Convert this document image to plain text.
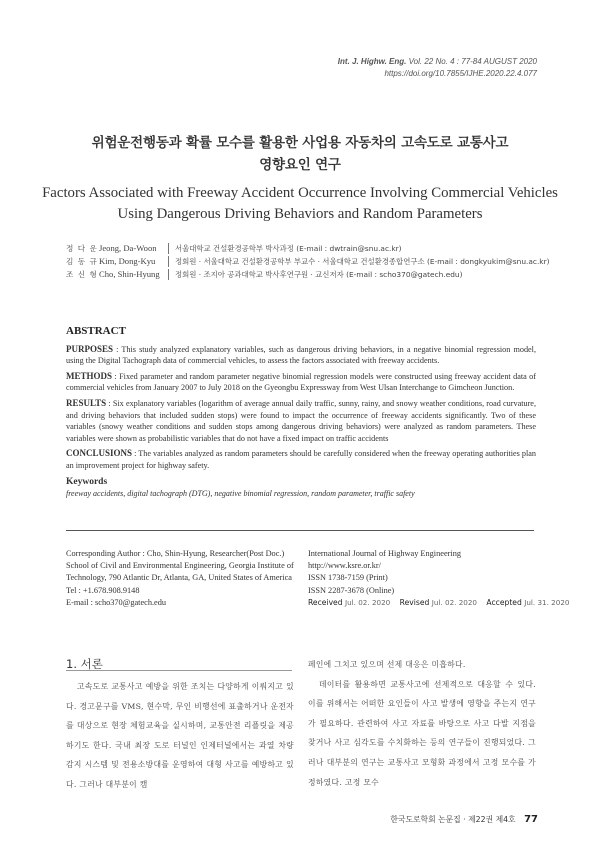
Int. J. Highw. Eng. Vol. 22 No. 4 : 77-84 AUGUST 2020
https://doi.org/10.7855/IJHE.2020.22.4.077
위험운전행동과 확률 모수를 활용한 사업용 자동차의 고속도로 교통사고
영향요인 연구
Factors Associated with Freeway Accident Occurrence Involving Commercial Vehicles
Using Dangerous Driving Behaviors and Random Parameters
정 다 운 Jeong, Da-Woon	서울대학교 건설환경공학부 박사과정 (E-mail : dwtrain@snu.ac.kr)
김 동 규 Kim, Dong-Kyu	정회원 · 서울대학교 건설환경공학부 부교수 · 서울대학교 건설환경종합연구소 (E-mail : dongkyukim@snu.ac.kr)
조 신 형 Cho, Shin-Hyung	정회원 · 조지아 공과대학교 박사후연구원 · 교신저자 (E-mail : scho370@gatech.edu)
ABSTRACT

PURPOSES : This study analyzed explanatory variables, such as dangerous driving behaviors, in a negative binomial regression model, using the Digital Tachograph data of commercial vehicles, to assess the factors associated with freeway accidents.

METHODS : Fixed parameter and random parameter negative binomial regression models were constructed using freeway accident data of commercial vehicles from January 2007 to July 2018 on the Gyeongbu Expressway from West Ulsan Interchange to Gimcheon Junction.

RESULTS : Six explanatory variables (logarithm of average annual daily traffic, sunny, rainy, and snowy weather conditions, road curvature, and driving behaviors that included sudden stops) were found to impact the occurrence of freeway accidents significantly. Two of these variables (snowy weather conditions and sudden stops among dangerous driving behaviors) were analyzed as random parameters. These variables were shown as probabilistic variables that do not have a fixed impact on traffic accidents

CONCLUSIONS : The variables analyzed as random parameters should be carefully considered when the freeway operating authorities plan an improvement project for highway safety.

Keywords
freeway accidents, digital tachograph (DTG), negative binomial regression, random parameter, traffic safety
Corresponding Author : Cho, Shin-Hyung, Researcher(Post Doc.)
School of Civil and Environmental Engineering, Georgia Institute of
Technology, 790 Atlantic Dr, Atlanta, GA, United States of America
Tel : +1.678.908.9148
E-mail : scho370@gatech.edu
International Journal of Highway Engineering
http://www.ksre.or.kr/
ISSN 1738-7159 (Print)
ISSN 2287-3678 (Online)
Received Jul. 02. 2020 Revised Jul. 02. 2020 Accepted Jul. 31. 2020
1. 서론
고속도로 교통사고 예방을 위한 조치는 다양하게 이뤄지고 있다. 경고문구를 VMS, 현수막, 무인 비행선에 표출하거나 운전자를 대상으로 현장 체험교육을 실시하며, 교통안전 리플릿을 제공하기도 한다. 국내 최장 도로 터널인 인제터널에서는 과열 차량 감지 시스템 및 전용소방대를 운영하여 대형 사고를 예방하고 있다. 그러나 대부분이 캠
페인에 그치고 있으며 선제 대응은 미흡하다.
데이터를 활용하면 교통사고에 선제적으로 대응할 수 있다. 이를 위해서는 어떠한 요인들이 사고 발생에 영향을 주는지 연구가 필요하다. 관련하여 사고 자료를 바탕으로 사고 다발 지점을 찾거나 사고 심각도를 수치화하는 등의 연구들이 진행되었다. 그러나 대부분의 연구는 교통사고 모형화 과정에서 고정 모수를 가정하였다. 고정 모수
한국도로학회 논문집 · 제22권 제4호 77
